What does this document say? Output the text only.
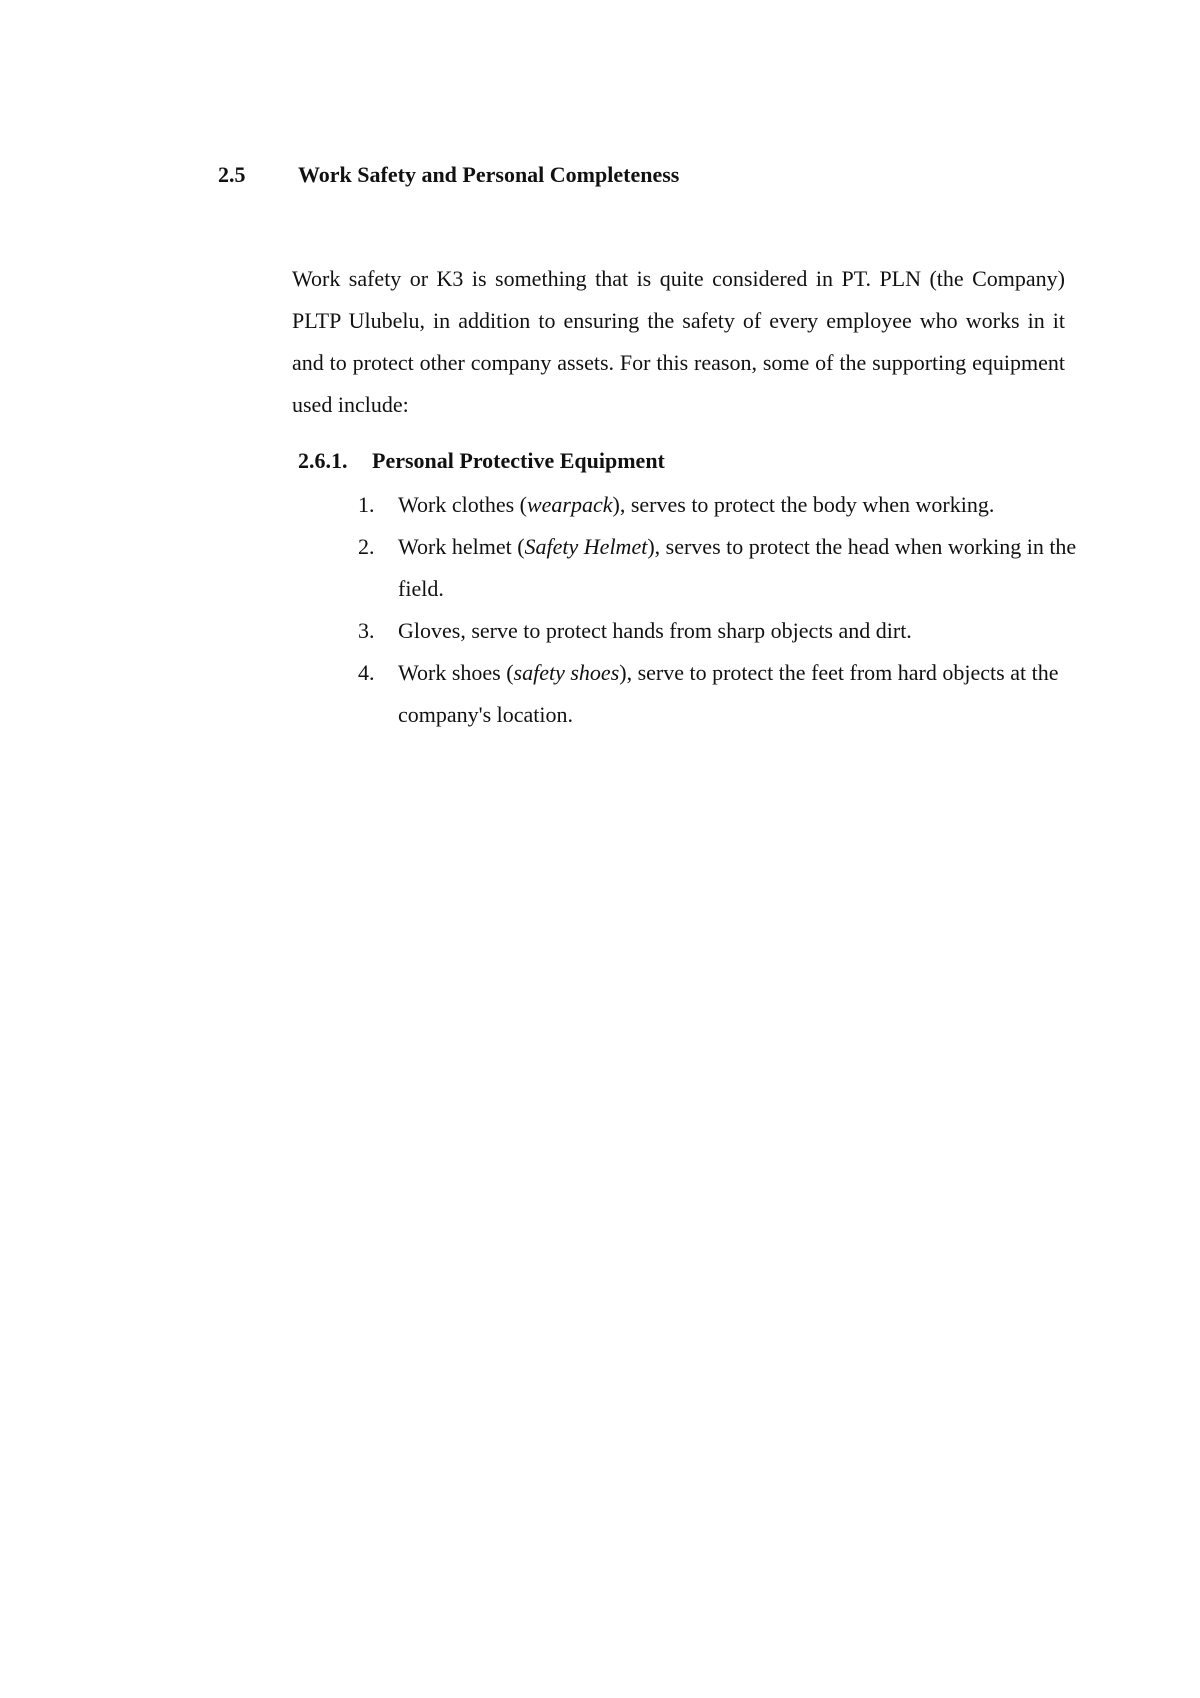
2.5 Work Safety and Personal Completeness

Work safety or K3 is something that is quite considered in PT. PLN (the Company) PLTP Ulubelu, in addition to ensuring the safety of every employee who works in it and to protect other company assets. For this reason, some of the supporting equipment used include:

2.6.1. Personal Protective Equipment
1. Work clothes (wearpack), serves to protect the body when working.
2. Work helmet (Safety Helmet), serves to protect the head when working in the field.
3. Gloves, serve to protect hands from sharp objects and dirt.
4. Work shoes (safety shoes), serve to protect the feet from hard objects at the company's location.
